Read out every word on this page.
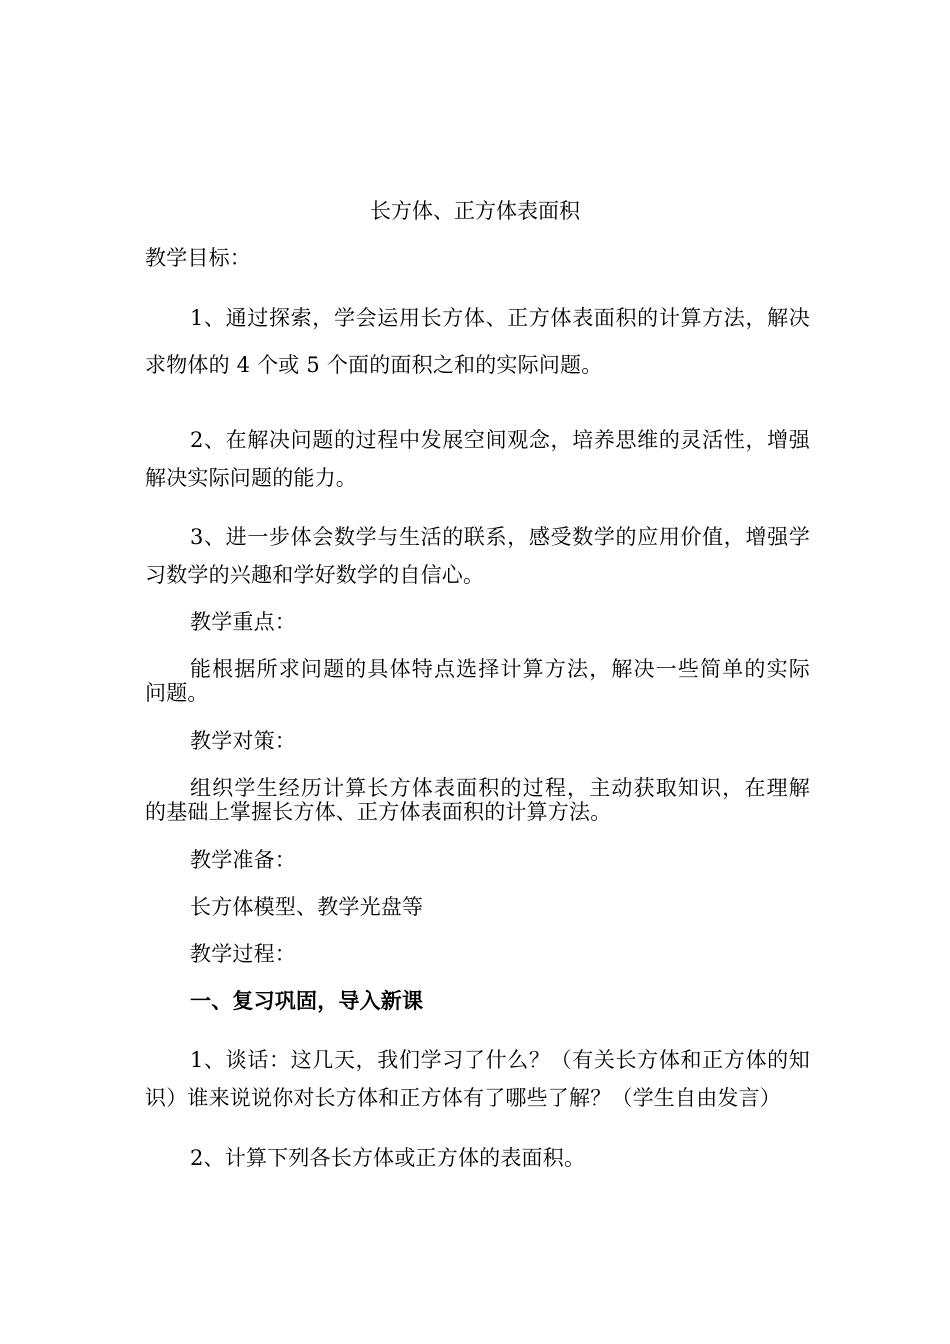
长方体、正方体表面积
教学目标：
1、通过探索，学会运用长方体、正方体表面积的计算方法，解决
求物体的 4 个或 5 个面的面积之和的实际问题。
2、在解决问题的过程中发展空间观念，培养思维的灵活性，增强
解决实际问题的能力。
3、进一步体会数学与生活的联系，感受数学的应用价值，增强学
习数学的兴趣和学好数学的自信心。
教学重点：
能根据所求问题的具体特点选择计算方法，解决一些简单的实际
问题。
教学对策：
组织学生经历计算长方体表面积的过程，主动获取知识，在理解
的基础上掌握长方体、正方体表面积的计算方法。
教学准备：
长方体模型、教学光盘等
教学过程：
一、复习巩固，导入新课
1、谈话：这几天，我们学习了什么？（有关长方体和正方体的知
识）谁来说说你对长方体和正方体有了哪些了解？（学生自由发言）
2、计算下列各长方体或正方体的表面积。
